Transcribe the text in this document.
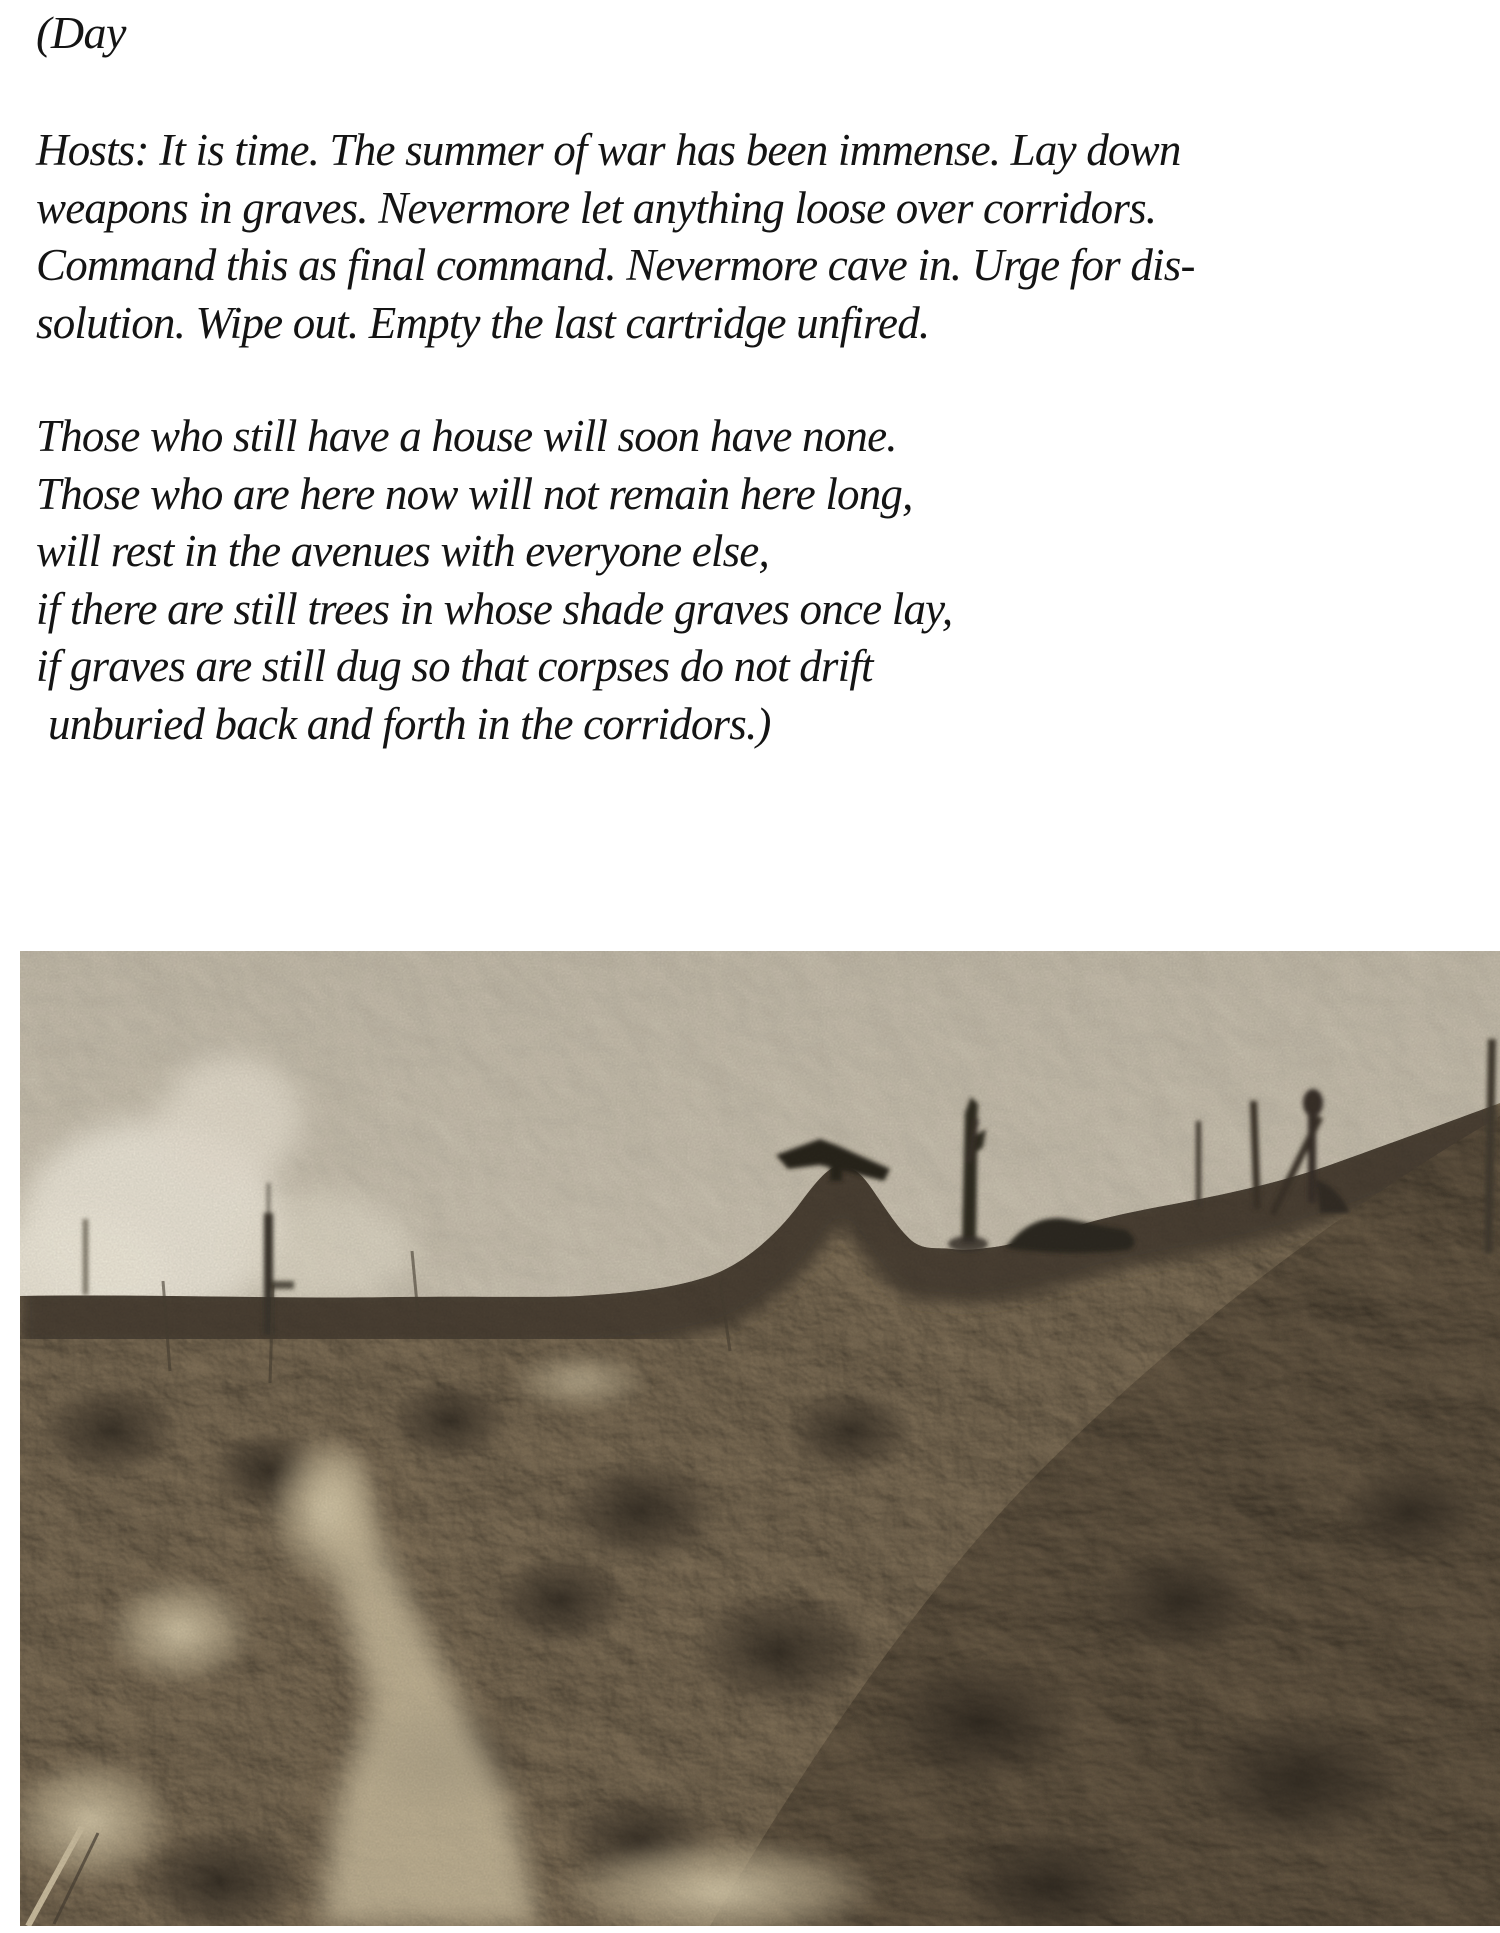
(Day
Hosts: It is time. The summer of war has been immense. Lay down
weapons in graves. Nevermore let anything loose over corridors.
Command this as final command. Nevermore cave in. Urge for dis-
solution. Wipe out. Empty the last cartridge unfired.
Those who still have a house will soon have none.
Those who are here now will not remain here long,
will rest in the avenues with everyone else,
if there are still trees in whose shade graves once lay,
if graves are still dug so that corpses do not drift
unburied back and forth in the corridors.)
